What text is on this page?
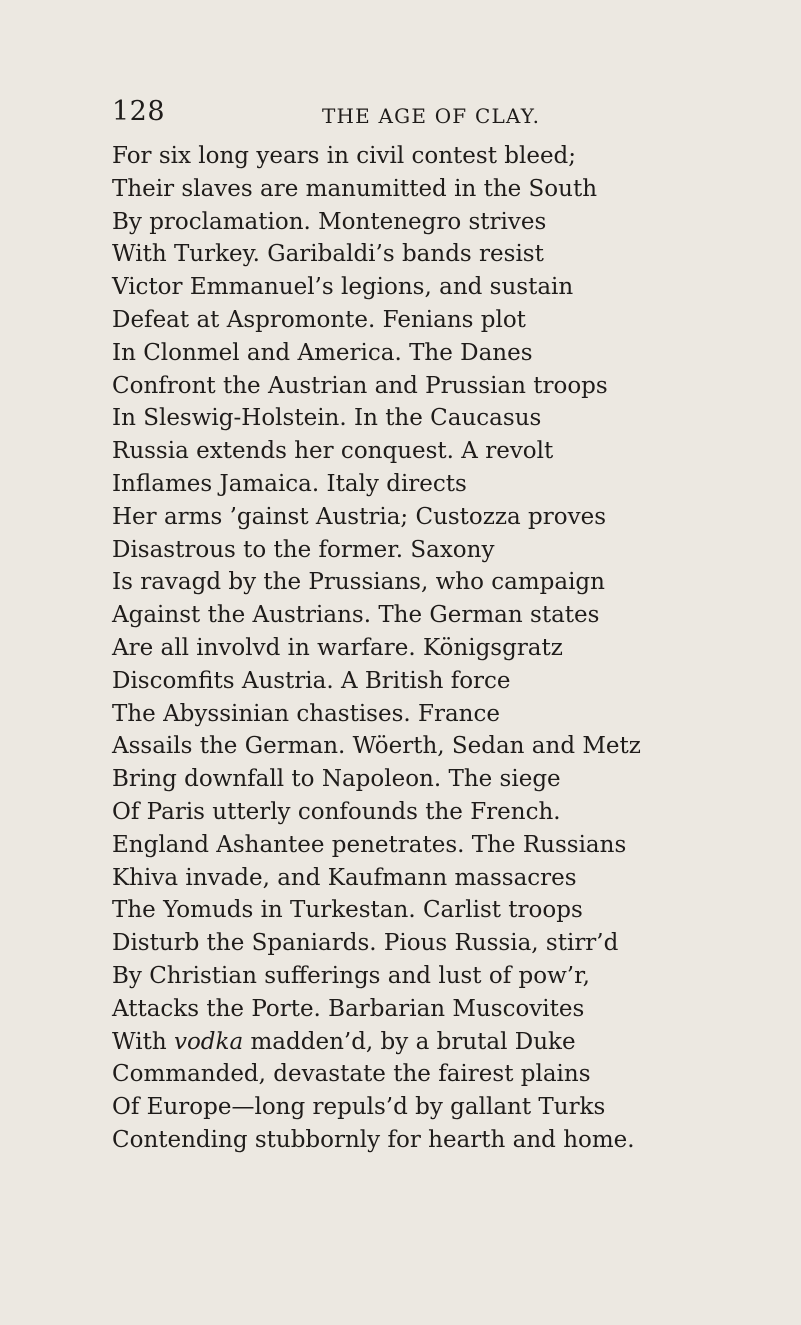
128	THE AGE OF CLAY.
For six long years in civil contest bleed;
Their slaves are manumitted in the South
By proclamation. Montenegro strives
With Turkey. Garibaldi’s bands resist
Victor Emmanuel’s legions, and sustain
Defeat at Aspromonte. Fenians plot
In Clonmel and America. The Danes
Confront the Austrian and Prussian troops
In Sleswig-Holstein. In the Caucasus
Russia extends her conquest. A revolt
Inflames Jamaica. Italy directs
Her arms ’gainst Austria; Custozza proves
Disastrous to the former. Saxony
Is ravagd by the Prussians, who campaign
Against the Austrians. The German states
Are all involvd in warfare. Königsgratz
Discomfits Austria. A British force
The Abyssinian chastises. France
Assails the German. Wöerth, Sedan and Metz
Bring downfall to Napoleon. The siege
Of Paris utterly confounds the French.
England Ashantee penetrates. The Russians
Khiva invade, and Kaufmann massacres
The Yomuds in Turkestan. Carlist troops
Disturb the Spaniards. Pious Russia, stirr’d
By Christian sufferings and lust of pow’r,
Attacks the Porte. Barbarian Muscovites
With vodka madden’d, by a brutal Duke
Commanded, devastate the fairest plains
Of Europe—long repuls’d by gallant Turks
Contending stubbornly for hearth and home.
